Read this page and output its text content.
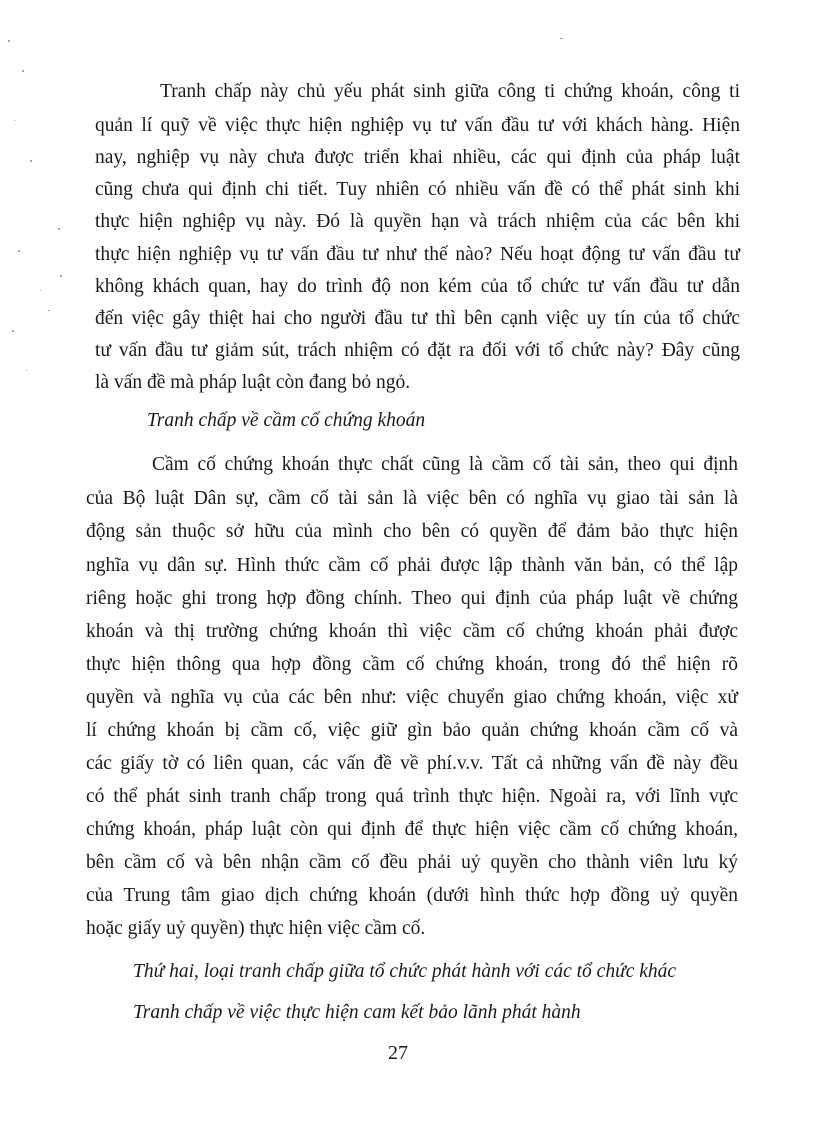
Tranh chấp này chủ yếu phát sinh giữa công ti chứng khoán, công ti
quản lí quỹ về việc thực hiện nghiệp vụ tư vấn đầu tư với khách hàng. Hiện
nay, nghiệp vụ này chưa được triển khai nhiều, các qui định của pháp luật
cũng chưa qui định chi tiết. Tuy nhiên có nhiều vấn đề có thể phát sinh khi
thực hiện nghiệp vụ này. Đó là quyền hạn và trách nhiệm của các bên khi
thực hiện nghiệp vụ tư vấn đầu tư như thế nào? Nếu hoạt động tư vấn đầu tư
không khách quan, hay do trình độ non kém của tổ chức tư vấn đầu tư dẫn
đến việc gây thiệt hai cho người đầu tư thì bên cạnh việc uy tín của tổ chức
tư vấn đầu tư giảm sút, trách nhiệm có đặt ra đối với tổ chức này? Đây cũng
là vấn đề mà pháp luật còn đang bỏ ngỏ.
Tranh chấp về cầm cố chứng khoán
Cầm cố chứng khoán thực chất cũng là cầm cố tài sản, theo qui định
của Bộ luật Dân sự, cầm cố tài sản là việc bên có nghĩa vụ giao tài sản là
động sản thuộc sở hữu của mình cho bên có quyền để đảm bảo thực hiện
nghĩa vụ dân sự. Hình thức cầm cố phải được lập thành văn bản, có thể lập
riêng hoặc ghi trong hợp đồng chính. Theo qui định của pháp luật về chứng
khoán và thị trường chứng khoán thì việc cầm cố chứng khoán phải được
thực hiện thông qua hợp đồng cầm cố chứng khoán, trong đó thể hiện rõ
quyền và nghĩa vụ của các bên như: việc chuyển giao chứng khoán, việc xử
lí chứng khoán bị cầm cố, việc giữ gìn bảo quản chứng khoán cầm cố và
các giấy tờ có liên quan, các vấn đề về phí.v.v. Tất cả những vấn đề này đều
có thể phát sinh tranh chấp trong quá trình thực hiện. Ngoài ra, với lĩnh vực
chứng khoán, pháp luật còn qui định để thực hiện việc cầm cố chứng khoán,
bên cầm cố và bên nhận cầm cố đều phải uỷ quyền cho thành viên lưu ký
của Trung tâm giao dịch chứng khoán (dưới hình thức hợp đồng uỷ quyền
hoặc giấy uỷ quyền) thực hiện việc cầm cố.
Thứ hai, loại tranh chấp giữa tổ chức phát hành với các tổ chức khác
Tranh chấp về việc thực hiện cam kết bảo lãnh phát hành
27
